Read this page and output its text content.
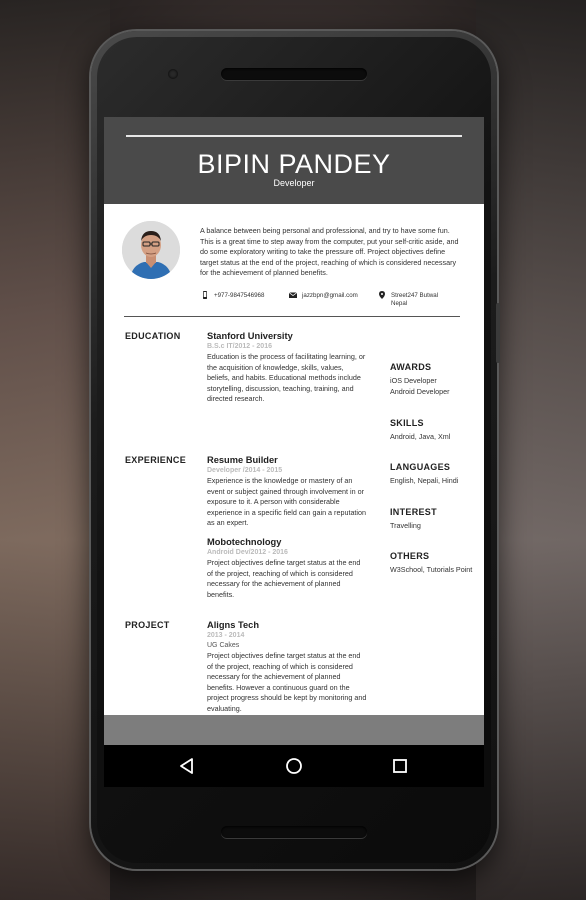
BIPIN PANDEY
Developer
A balance between being personal and professional, and try to have some fun. This is a great time to step away from the computer, put your self-critic aside, and do some exploratory writing to take the pressure off. Project objectives define target status at the end of the project, reaching of which is considered necessary for the achievement of planned benefits.
+977-9847546968	jazzbpn@gmail.com	Street247 Butwal
Nepal
EDUCATION	Stanford University
B.S.c IT/2012 - 2016
Education is the process of facilitating learning, or the acquisition of knowledge, skills, values, beliefs, and habits. Educational methods include storytelling, discussion, teaching, training, and directed research.
EXPERIENCE Resume Builder
Developer /2014 - 2015
Experience is the knowledge or mastery of an event or subject gained through involvement in or exposure to it. A person with considerable experience in a specific field can gain a reputation as an expert.
Mobotechnology
Android Dev/2012 - 2016
Project objectives define target status at the end of the project, reaching of which is considered necessary for the achievement of planned benefits.
PROJECT	Aligns Tech
2013 - 2014
UG Cakes
Project objectives define target status at the end of the project, reaching of which is considered necessary for the achievement of planned benefits. However a continuous guard on the project progress should be kept by monitoring and evaluating.
AWARDS
iOS Developer
Android Developer
SKILLS
Android, Java, Xml
LANGUAGES
English, Nepali, Hindi
INTEREST
Travelling
OTHERS
W3School, Tutorials Point
